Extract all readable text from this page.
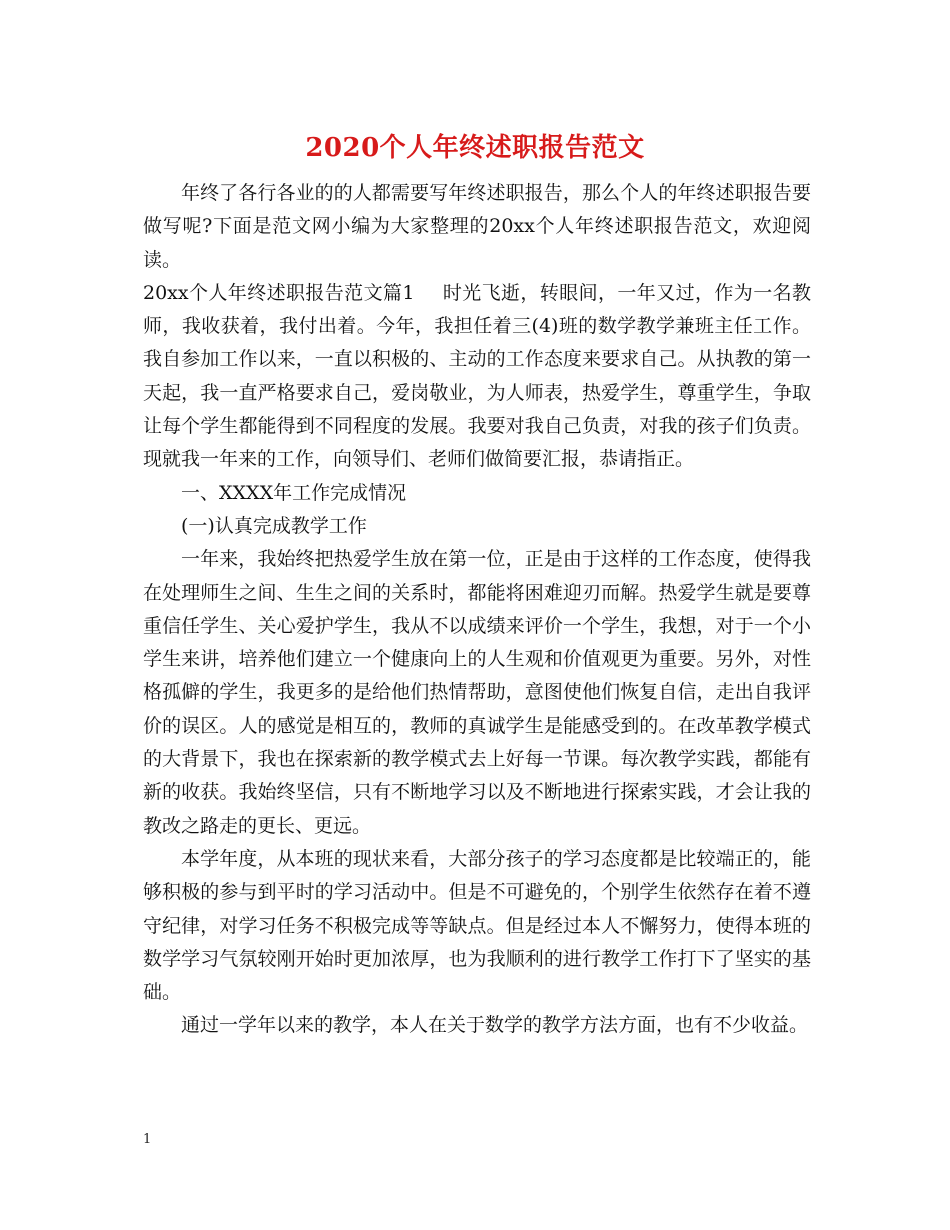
2020个人年终述职报告范文

年终了各行各业的的人都需要写年终述职报告，那么个人的年终述职报告要做写呢?下面是范文网小编为大家整理的20xx个人年终述职报告范文，欢迎阅读。

20xx个人年终述职报告范文篇1 时光飞逝，转眼间，一年又过，作为一名教师，我收获着，我付出着。今年，我担任着三(4)班的数学教学兼班主任工作。我自参加工作以来，一直以积极的、主动的工作态度来要求自己。从执教的第一天起，我一直严格要求自己，爱岗敬业，为人师表，热爱学生，尊重学生，争取让每个学生都能得到不同程度的发展。我要对我自己负责，对我的孩子们负责。现就我一年来的工作，向领导们、老师们做简要汇报，恭请指正。

一、XXXX年工作完成情况

(一)认真完成教学工作

一年来，我始终把热爱学生放在第一位，正是由于这样的工作态度，使得我在处理师生之间、生生之间的关系时，都能将困难迎刃而解。热爱学生就是要尊重信任学生、关心爱护学生，我从不以成绩来评价一个学生，我想，对于一个小学生来讲，培养他们建立一个健康向上的人生观和价值观更为重要。另外，对性格孤僻的学生，我更多的是给他们热情帮助，意图使他们恢复自信，走出自我评价的误区。人的感觉是相互的，教师的真诚学生是能感受到的。在改革教学模式的大背景下，我也在探索新的教学模式去上好每一节课。每次教学实践，都能有新的收获。我始终坚信，只有不断地学习以及不断地进行探索实践，才会让我的教改之路走的更长、更远。

本学年度，从本班的现状来看，大部分孩子的学习态度都是比较端正的，能够积极的参与到平时的学习活动中。但是不可避免的，个别学生依然存在着不遵守纪律，对学习任务不积极完成等等缺点。但是经过本人不懈努力，使得本班的数学学习气氛较刚开始时更加浓厚，也为我顺利的进行教学工作打下了坚实的基础。

通过一学年以来的教学，本人在关于数学的教学方法方面，也有不少收益。

1
